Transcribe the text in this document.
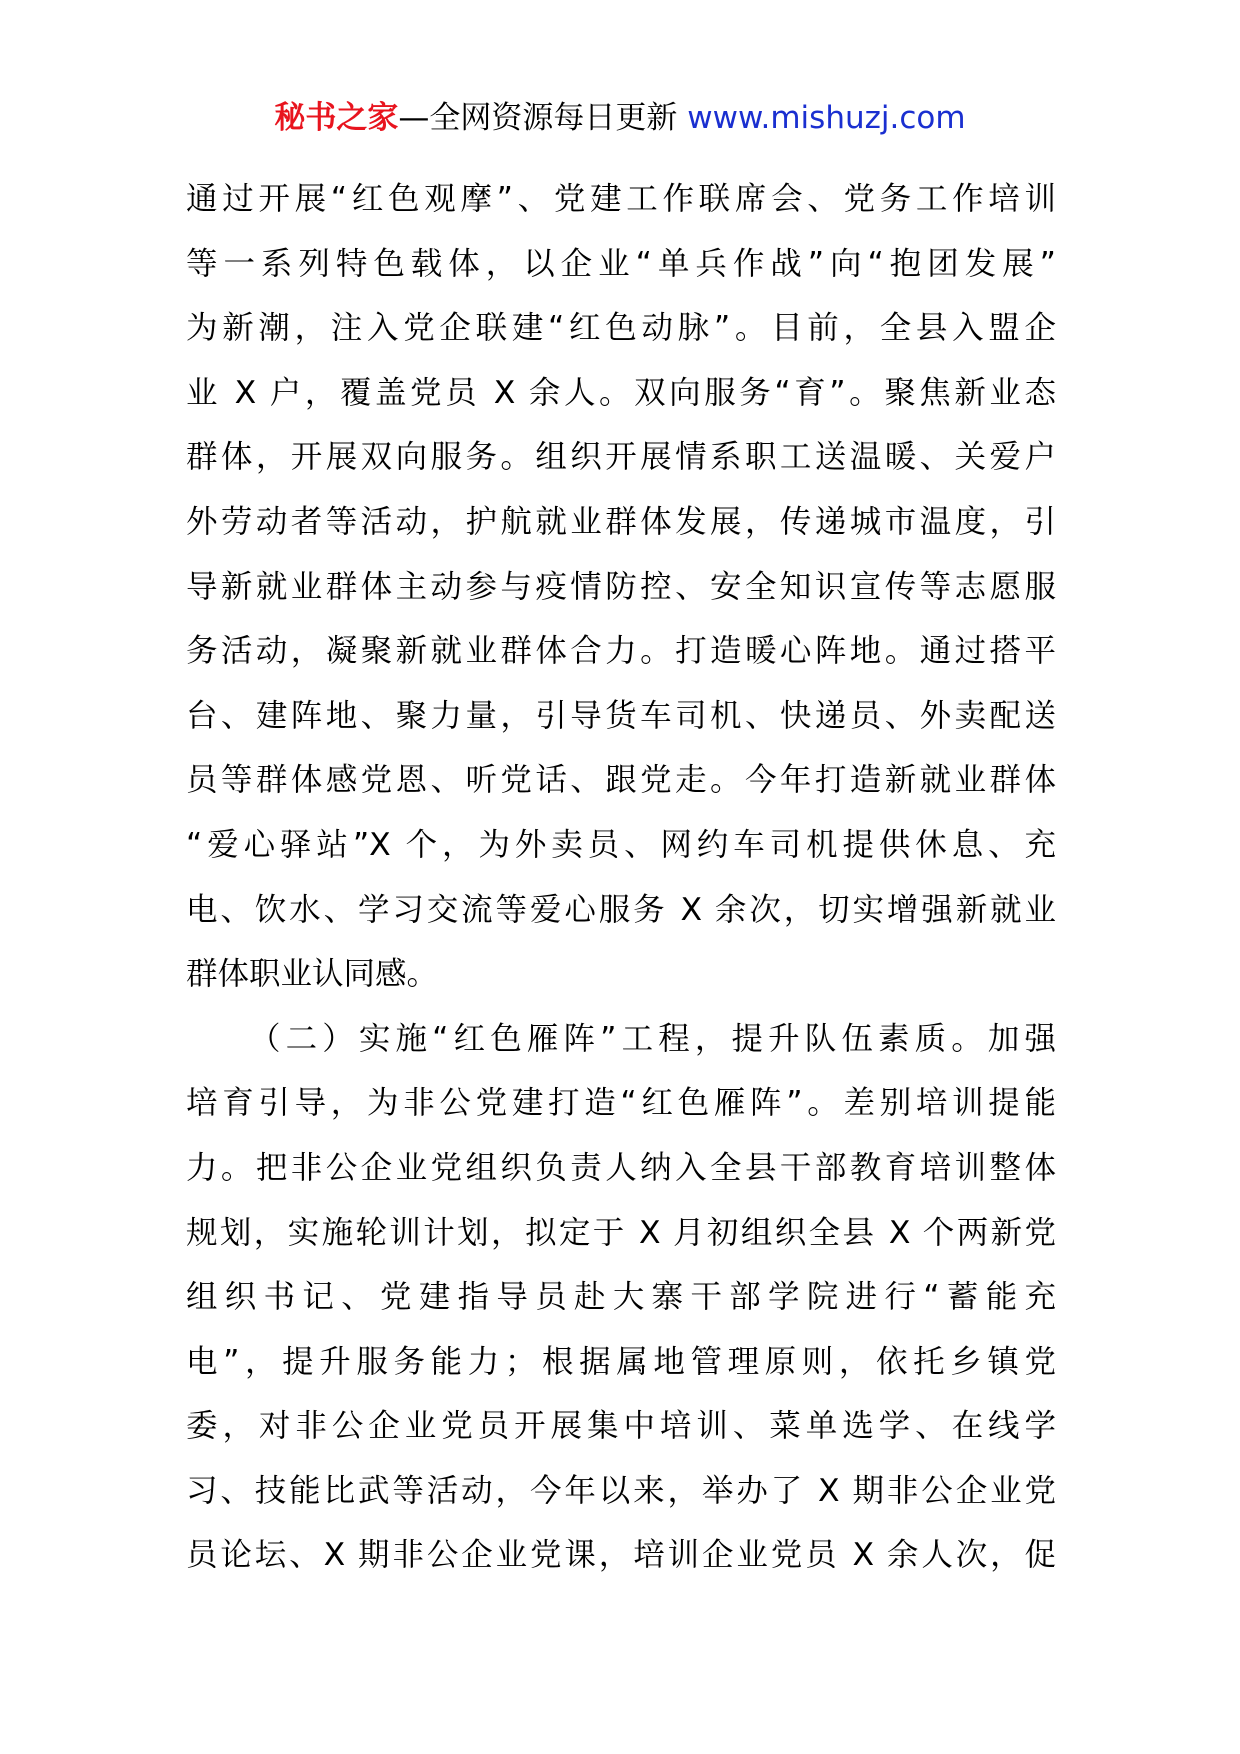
秘书之家—全网资源每日更新 www.mishuzj.com
通过开展“红色观摩”、党建工作联席会、党务工作培训
等一系列特色载体，以企业“单兵作战”向“抱团发展”
为新潮，注入党企联建“红色动脉”。目前，全县入盟企
业 X 户，覆盖党员 X 余人。双向服务“育”。聚焦新业态
群体，开展双向服务。组织开展情系职工送温暖、关爱户
外劳动者等活动，护航就业群体发展，传递城市温度，引
导新就业群体主动参与疫情防控、安全知识宣传等志愿服
务活动，凝聚新就业群体合力。打造暖心阵地。通过搭平
台、建阵地、聚力量，引导货车司机、快递员、外卖配送
员等群体感党恩、听党话、跟党走。今年打造新就业群体
“爱心驿站”X 个，为外卖员、网约车司机提供休息、充
电、饮水、学习交流等爱心服务 X 余次，切实增强新就业
群体职业认同感。
（二）实施“红色雁阵”工程，提升队伍素质。加强
培育引导，为非公党建打造“红色雁阵”。差别培训提能
力。把非公企业党组织负责人纳入全县干部教育培训整体
规划，实施轮训计划，拟定于 X 月初组织全县 X 个两新党
组织书记、党建指导员赴大寨干部学院进行“蓄能充
电”，提升服务能力；根据属地管理原则，依托乡镇党
委，对非公企业党员开展集中培训、菜单选学、在线学
习、技能比武等活动，今年以来，举办了 X 期非公企业党
员论坛、X 期非公企业党课，培训企业党员 X 余人次，促
